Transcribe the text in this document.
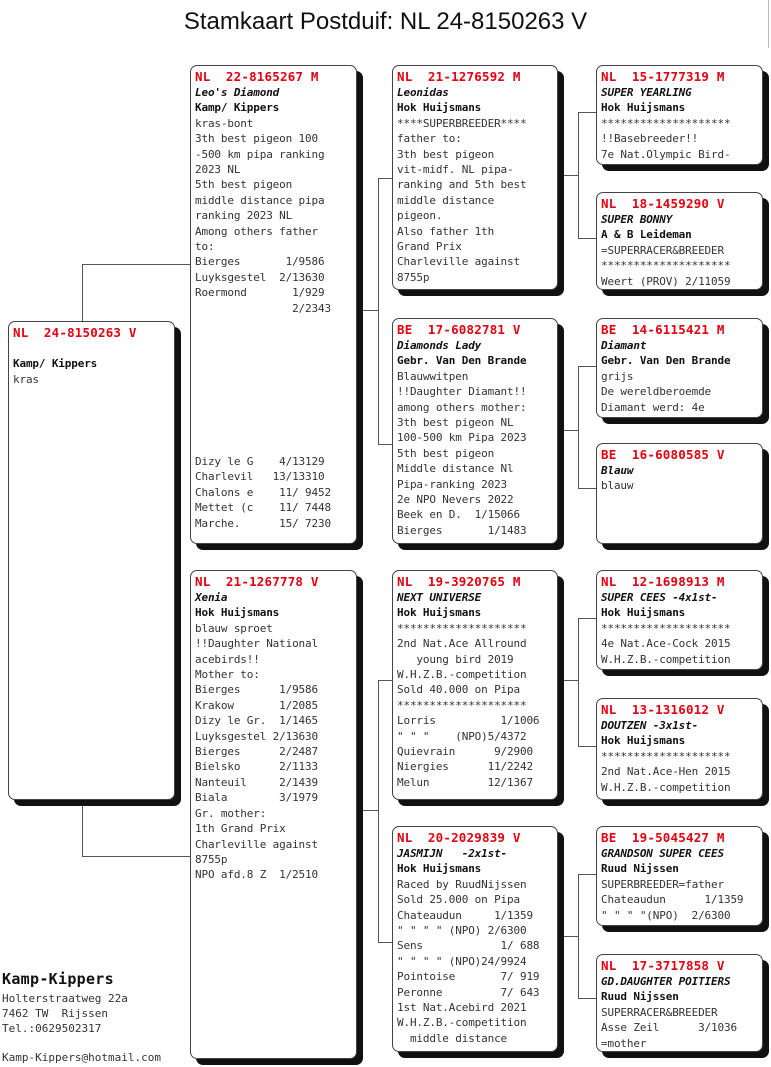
Stamkaart Postduif: NL 24-8150263 V
NL  24-8150263 V

Kamp/ Kippers
kras
NL  22-8165267 M
Leo's Diamond
Kamp/ Kippers
kras-bont
3th best pigeon 100
-500 km pipa ranking
2023 NL
5th best pigeon
middle distance pipa
ranking 2023 NL
Among others father
to:
Bierges       1/9586
Luyksgestel  2/13630
Roermond       1/929
2/2343
Dizy le G    4/13129
Charlevil   13/13310
Chalons e    11/ 9452
Mettet (c    11/ 7448
Marche.      15/ 7230
NL  21-1267778 V
Xenia
Hok Huijsmans
blauw sproet
!!Daughter National
acebirds!!
Mother to:
Bierges      1/9586
Krakow       1/2085
Dizy le Gr.  1/1465
Luyksgestel 2/13630
Bierges      2/2487
Bielsko      2/1133
Nanteuil     2/1439
Biala        3/1979
Gr. mother:
1th Grand Prix
Charleville against
8755p
NPO afd.8 Z  1/2510
NL  21-1276592 M
Leonidas
Hok Huijsmans
****SUPERBREEDER****
father to:
3th best pigeon
vit-midf. NL pipa-
ranking and 5th best
middle distance
pigeon.
Also father 1th
Grand Prix
Charleville against
8755p
BE  17-6082781 V
Diamonds Lady
Gebr. Van Den Brande
Blauwwitpen
!!Daughter Diamant!!
among others mother:
3th best pigeon NL
100-500 km Pipa 2023
5th best pigeon
Middle distance Nl
Pipa-ranking 2023
2e NPO Nevers 2022
Beek en D.  1/15066
Bierges       1/1483
NL  19-3920765 M
NEXT UNIVERSE
Hok Huijsmans
********************
2nd Nat.Ace Allround
young bird 2019
W.H.Z.B.-competition
Sold 40.000 on Pipa
********************
Lorris          1/1006
" " "    (NPO)5/4372
Quievrain      9/2900
Niergies      11/2242
Melun         12/1367
NL  20-2029839 V
JASMIJN   -2x1st-
Hok Huijsmans
Raced by RuudNijssen
Sold 25.000 on Pipa
Chateaudun     1/1359
" " " " (NPO) 2/6300
Sens            1/ 688
" " " " (NPO)24/9924
Pointoise       7/ 919
Peronne         7/ 643
1st Nat.Acebird 2021
W.H.Z.B.-competition
middle distance
NL  15-1777319 M
SUPER YEARLING
Hok Huijsmans
********************
!!Basebreeder!!
7e Nat.Olympic Bird-
NL  18-1459290 V
SUPER BONNY
A & B Leideman
=SUPERRACER&BREEDER
********************
Weert (PROV) 2/11059
BE  14-6115421 M
Diamant
Gebr. Van Den Brande
grijs
De wereldberoemde
Diamant werd: 4e
BE  16-6080585 V
Blauw
blauw
NL  12-1698913 M
SUPER CEES -4x1st-
Hok Huijsmans
********************
4e Nat.Ace-Cock 2015
W.H.Z.B.-competition
NL  13-1316012 V
DOUTZEN -3x1st-
Hok Huijsmans
********************
2nd Nat.Ace-Hen 2015
W.H.Z.B.-competition
BE  19-5045427 M
GRANDSON SUPER CEES
Ruud Nijssen
SUPERBREEDER=father
Chateaudun      1/1359
" " " "(NPO)  2/6300
NL  17-3717858 V
GD.DAUGHTER POITIERS
Ruud Nijssen
SUPERRACER&BREEDER
Asse Zeil      3/1036
=mother
Kamp-Kippers
Holterstraatweg 22a
7462 TW  Rijssen
Tel.:0629502317
Kamp-Kippers@hotmail.com
